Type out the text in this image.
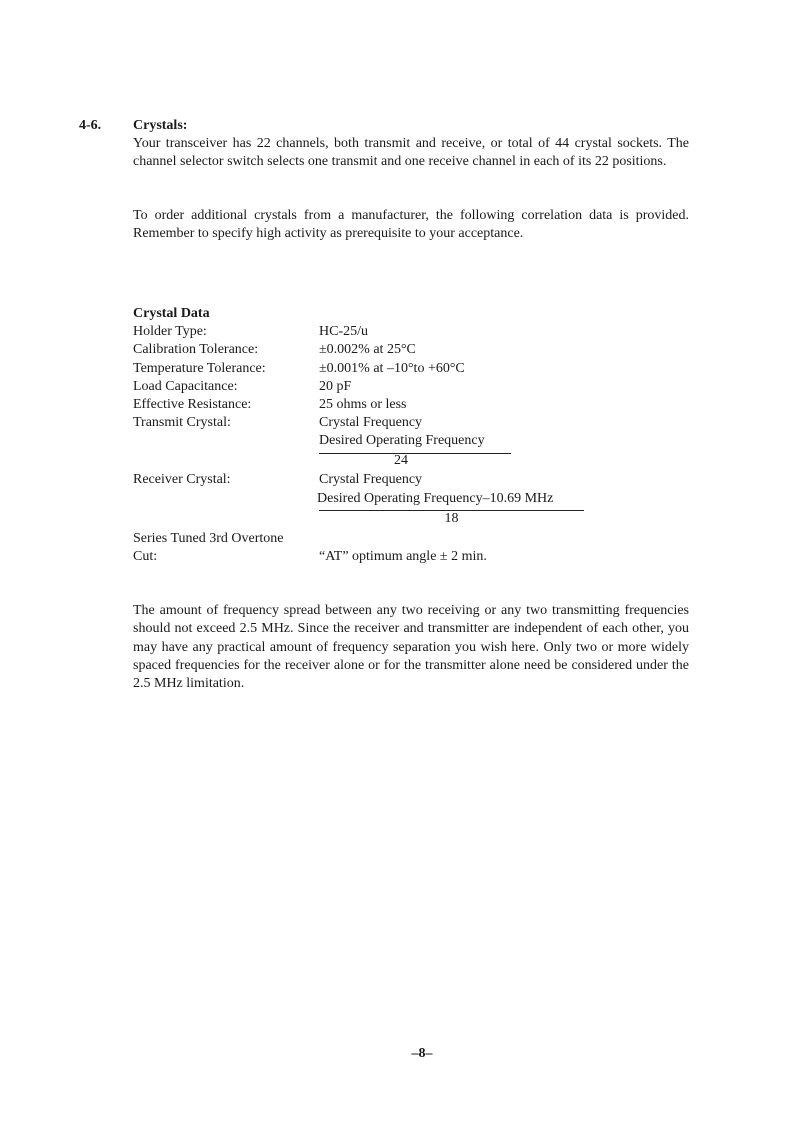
4-6. Crystals:
Your transceiver has 22 channels, both transmit and receive, or total of 44 crystal sockets. The channel selector switch selects one transmit and one receive channel in each of its 22 positions.
To order additional crystals from a manufacturer, the following correlation data is provided. Remember to specify high activity as prerequisite to your acceptance.
Crystal Data
Holder Type:	HC-25/u
Calibration Tolerance:	±0.002% at 25°C
Temperature Tolerance:	±0.001% at –10°to +60°C
Load Capacitance:	20 pF
Effective Resistance:	25 ohms or less
Transmit Crystal:	Crystal Frequency
Desired Operating Frequency
24
Receiver Crystal:	Crystal Frequency
Desired Operating Frequency–10.69 MHz
18
Series Tuned 3rd Overtone
Cut:	“AT” optimum angle ± 2 min.
The amount of frequency spread between any two receiving or any two transmitting frequencies should not exceed 2.5 MHz. Since the receiver and transmitter are independent of each other, you may have any practical amount of frequency separation you wish here. Only two or more widely spaced frequencies for the receiver alone or for the transmitter alone need be considered under the 2.5 MHz limitation.
–8–
